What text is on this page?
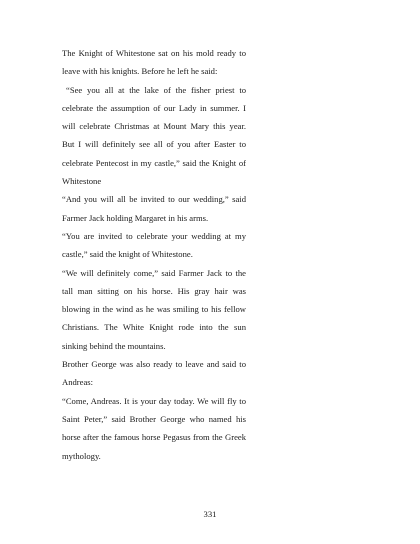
The Knight of Whitestone sat on his mold ready to leave with his knights. Before he left he said:

“See you all at the lake of the fisher priest to celebrate the assumption of our Lady in summer. I will celebrate Christmas at Mount Mary this year. But I will definitely see all of you after Easter to celebrate Pentecost in my castle,” said the Knight of Whitestone

“And you will all be invited to our wedding,” said Farmer Jack holding Margaret in his arms.

“You are invited to celebrate your wedding at my castle,” said the knight of Whitestone.

“We will definitely come,” said Farmer Jack to the tall man sitting on his horse. His gray hair was blowing in the wind as he was smiling to his fellow Christians. The White Knight rode into the sun sinking behind the mountains.

Brother George was also ready to leave and said to Andreas:

“Come, Andreas. It is your day today. We will fly to Saint Peter,” said Brother George who named his horse after the famous horse Pegasus from the Greek mythology.

331
